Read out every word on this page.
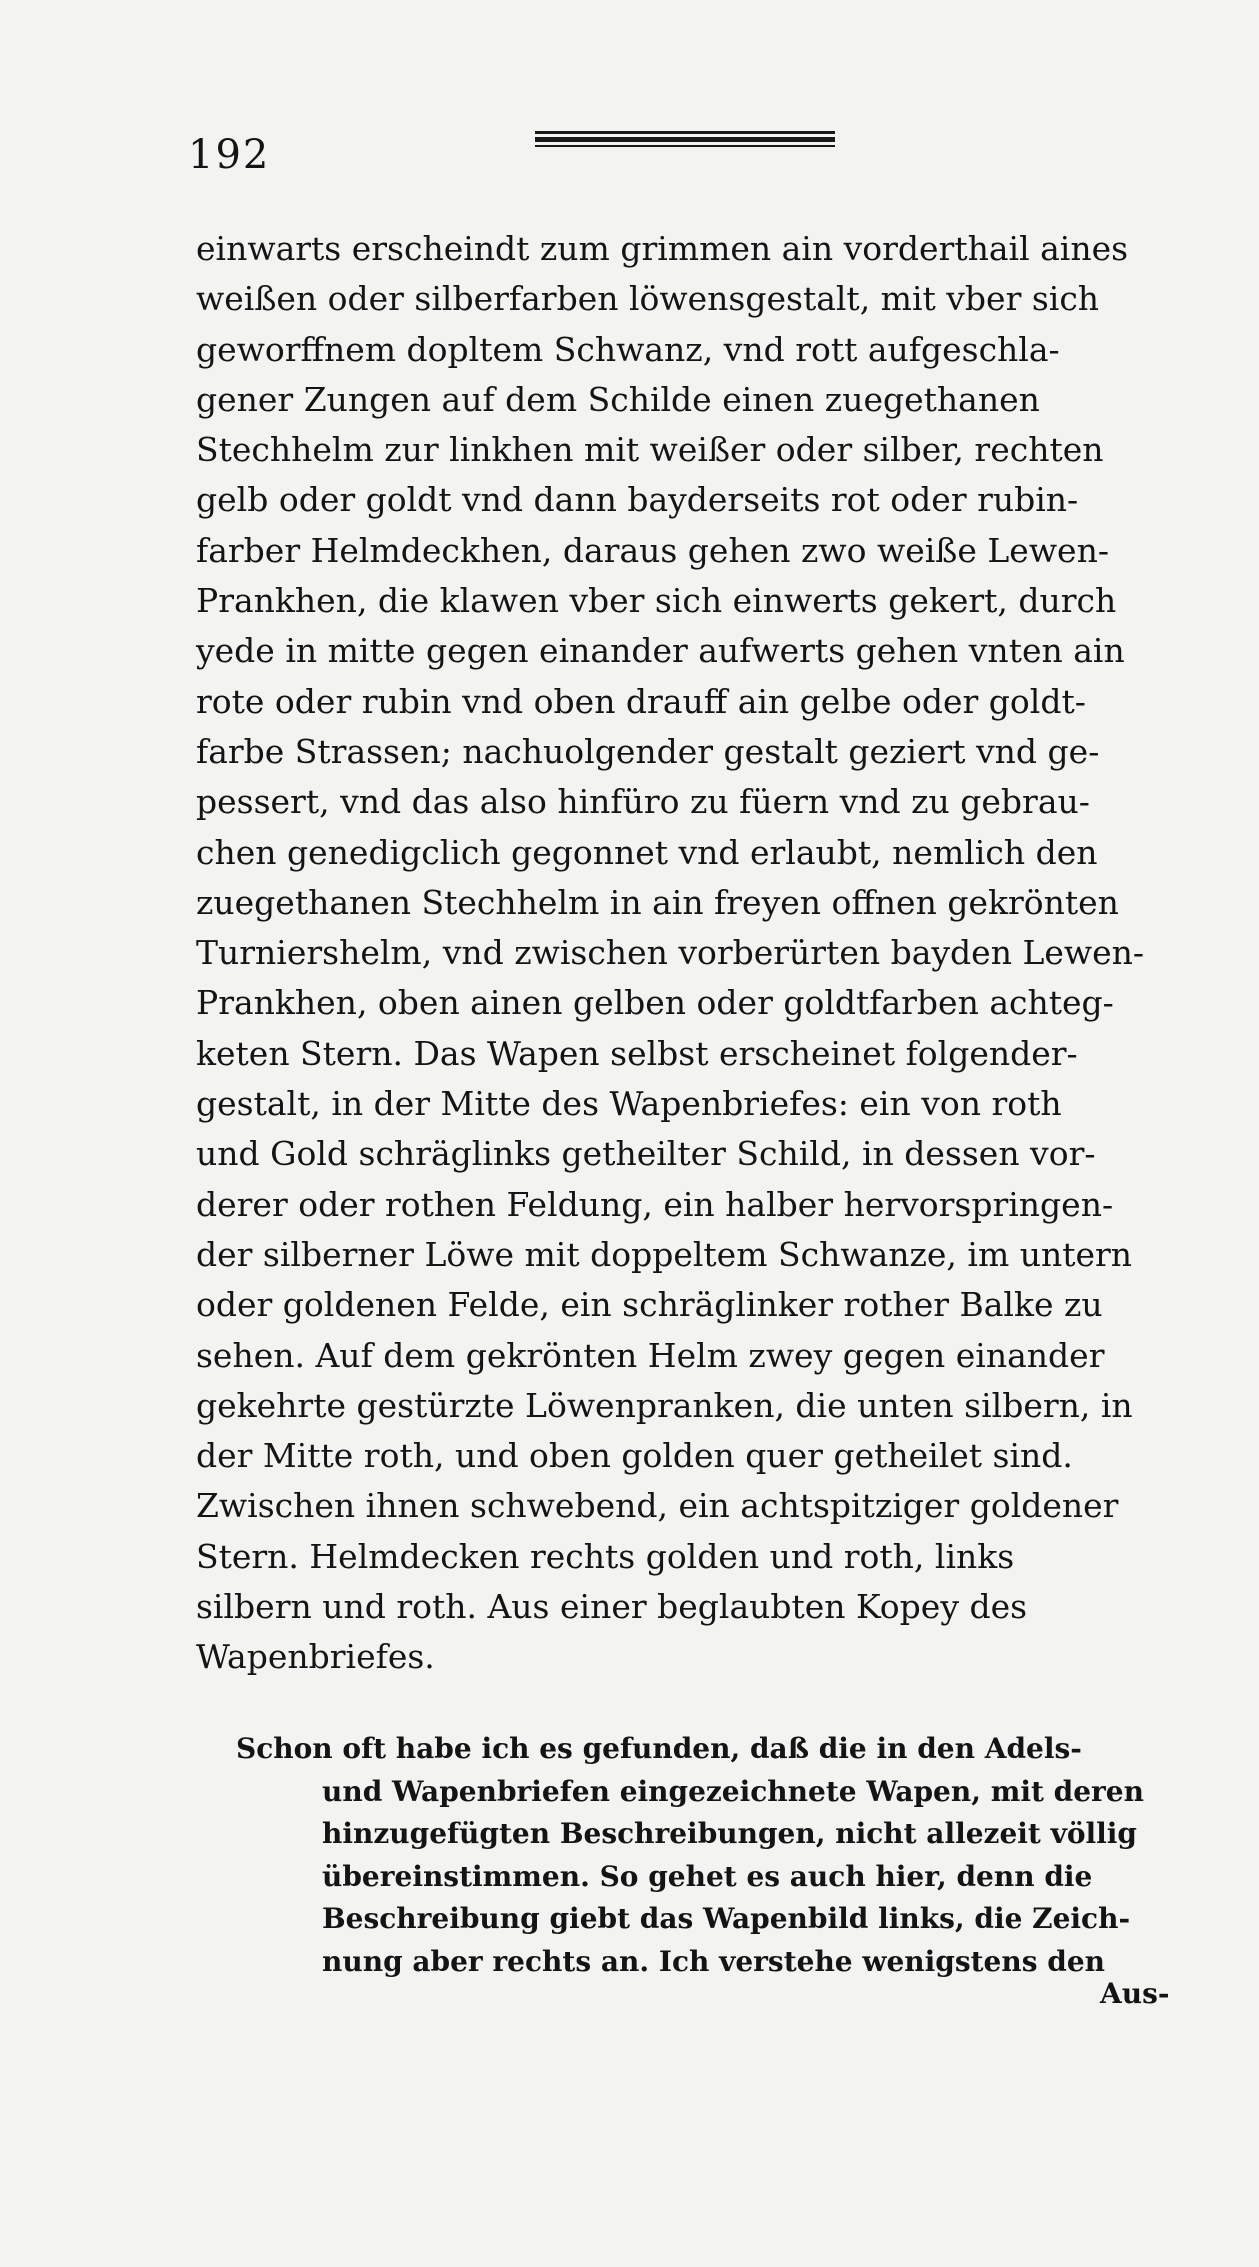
192
einwarts erscheindt zum grimmen ain vorderthail aines
weißen oder silberfarben löwensgestalt, mit vber sich
geworffnem dopltem Schwanz, vnd rott aufgeschla-
gener Zungen auf dem Schilde einen zuegethanen
Stechhelm zur linkhen mit weißer oder silber, rechten
gelb oder goldt vnd dann bayderseits rot oder rubin-
farber Helmdeckhen, daraus gehen zwo weiße Lewen-
Prankhen, die klawen vber sich einwerts gekert, durch
yede in mitte gegen einander aufwerts gehen vnten ain
rote oder rubin vnd oben drauff ain gelbe oder goldt-
farbe Strassen; nachuolgender gestalt geziert vnd ge-
pessert, vnd das also hinfüro zu füern vnd zu gebrau-
chen genedigclich gegonnet vnd erlaubt, nemlich den
zuegethanen Stechhelm in ain freyen offnen gekrönten
Turniershelm, vnd zwischen vorberürten bayden Lewen-
Prankhen, oben ainen gelben oder goldtfarben achteg-
keten Stern. Das Wapen selbst erscheinet folgender-
gestalt, in der Mitte des Wapenbriefes: ein von roth
und Gold schräglinks getheilter Schild, in dessen vor-
derer oder rothen Feldung, ein halber hervorspringen-
der silberner Löwe mit doppeltem Schwanze, im untern
oder goldenen Felde, ein schräglinker rother Balke zu
sehen. Auf dem gekrönten Helm zwey gegen einander
gekehrte gestürzte Löwenpranken, die unten silbern, in
der Mitte roth, und oben golden quer getheilet sind.
Zwischen ihnen schwebend, ein achtspitziger goldener
Stern. Helmdecken rechts golden und roth, links
silbern und roth. Aus einer beglaubten Kopey des
Wapenbriefes.
Schon oft habe ich es gefunden, daß die in den Adels-
und Wapenbriefen eingezeichnete Wapen, mit deren
hinzugefügten Beschreibungen, nicht allezeit völlig
übereinstimmen. So gehet es auch hier, denn die
Beschreibung giebt das Wapenbild links, die Zeich-
nung aber rechts an. Ich verstehe wenigstens den
Aus-
